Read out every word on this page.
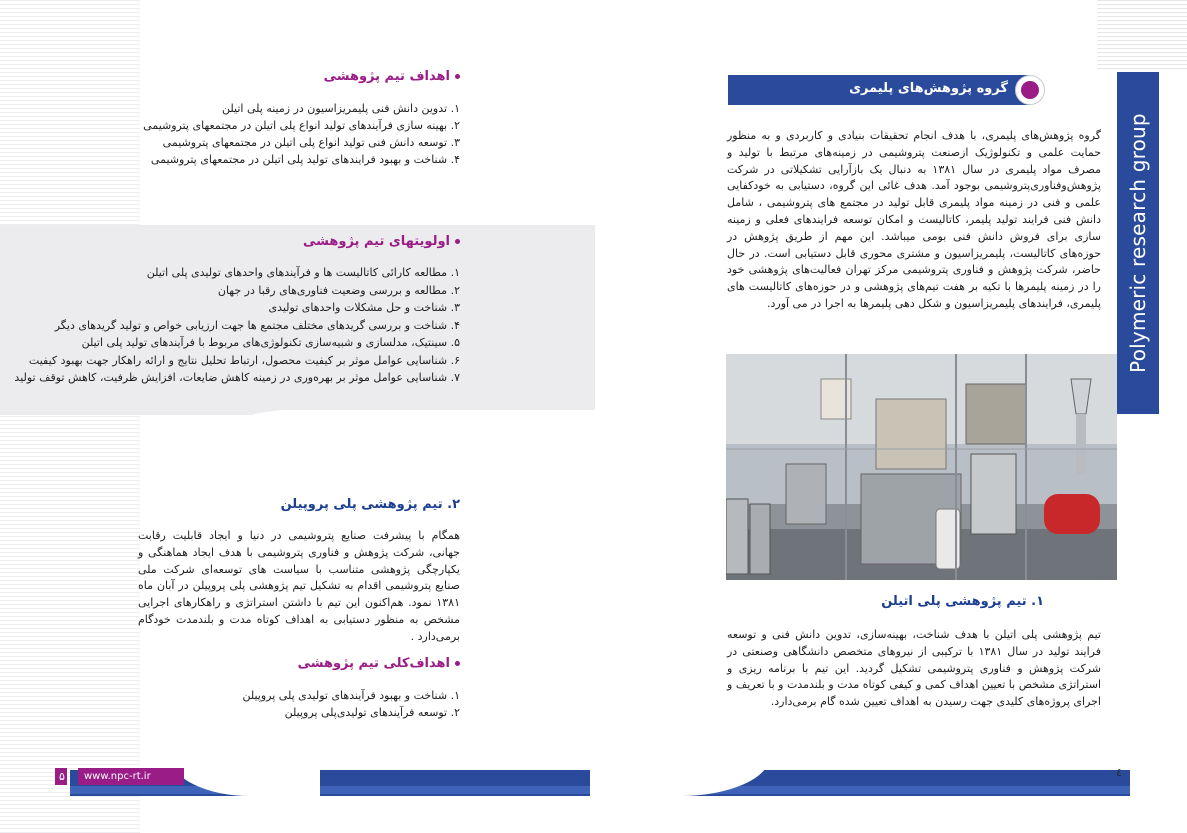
اهداف تیم پژوهشی
۱. تدوین دانش فنی پلیمریزاسیون در زمینه پلی اتیلن
۲. بهینه سازی فرآیندهای تولید انواع پلی اتیلن در مجتمعهای پتروشیمی
۳. توسعه دانش فنی تولید انواع پلی اتیلن در مجتمعهای پتروشیمی
۴. شناخت و بهبود فرایندهای تولید پلی اتیلن در مجتمعهای پتروشیمی
اولویتهای تیم پژوهشی
۱. مطالعه کارائی کاتالیست ها و فرآیندهای واحدهای تولیدی پلی اتیلن
۲. مطالعه و بررسی وضعیت فناوری‌های رقبا در جهان
۳. شناخت و حل مشکلات واحدهای تولیدی
۴. شناخت و بررسی گریدهای مختلف مجتمع ها جهت ارزیابی خواص و تولید گریدهای دیگر
۵. سینتیک، مدلسازی و شبیه‌سازی تکنولوژی‌های مربوط با فرآیندهای تولید پلی اتیلن
۶. شناسایی عوامل موثر بر کیفیت محصول، ارتباط تحلیل نتایج و ارائه راهکار جهت بهبود کیفیت
۷. شناسایی عوامل موثر بر بهره‌وری در زمینه کاهش ضایعات، افزایش ظرفیت، کاهش توقف تولید
۲. تیم پژوهشی پلی پروپیلن

همگام با پیشرفت صنایع پتروشیمی در دنیا و ایجاد قابلیت رقابت جهانی، شرکت پژوهش و فناوری پتروشیمی با هدف ایجاد هماهنگی و یکپارچگی پژوهشی متناسب با سیاست های توسعه‌ای شرکت ملی صنایع پتروشیمی اقدام به تشکیل تیم پژوهشی پلی پروپیلن در آبان ماه ۱۳۸۱ نمود. هم‌اکنون این تیم با داشتن استراتژی و راهکارهای اجرایی مشخص به منظور دستیابی به اهداف کوتاه مدت و بلندمدت خودگام برمی‌دارد .

اهداف‌کلی تیم پژوهشی
۱. شناخت و بهبود فرآیندهای تولیدی پلی پروپیلن
۲. توسعه فرآیندهای تولیدی‌پلی پروپیلن
گروه پژوهش‌های پلیمری
Polymeric research group

گروه پژوهش‌های پلیمری، با هدف انجام تحقیقات بنیادی و کاربردی و به منظور حمایت علمی و تکنولوژیک ازصنعت پتروشیمی در زمینه‌های مرتبط با تولید و مصرف مواد پلیمری در سال ۱۳۸۱ به دنبال یک بازآرایی تشکیلاتی در شرکت پژوهش‌وفناوری‌پتروشیمی بوجود آمد. هدف غائی این گروه، دستیابی به خودکفایی علمی و فنی در زمینه مواد پلیمری قابل تولید در مجتمع های پتروشیمی ، شامل دانش فنی فرایند تولید پلیمر، کاتالیست و امکان توسعه فرایندهای فعلی و زمینه سازی برای فروش دانش فنی بومی میباشد. این مهم از طریق پژوهش در حوزه‌های کاتالیست، پلیمریزاسیون و مشتری محوری قابل دستیابی است. در حال حاضر، شرکت پژوهش و فناوری پتروشیمی مرکز تهران فعالیت‌های پژوهشی خود را در زمینه پلیمرها با تکیه بر هفت تیم‌های پژوهشی و در حوزه‌های کاتالیست های پلیمری، فرایندهای پلیمریزاسیون و شکل دهی پلیمرها به اجرا در می آورد.

۱. تیم پژوهشی پلی اتیلن

تیم پژوهشی پلی اتیلن با هدف شناخت، بهینه‌سازی، تدوین دانش فنی و توسعه فرایند تولید در سال ۱۳۸۱ با ترکیبی از نیروهای متخصص دانشگاهی وصنعتی در شرکت پژوهش و فناوری پتروشیمی تشکیل گردید. این تیم با برنامه ریزی و استراتژی مشخص با تعیین اهداف کمی و کیفی کوتاه مدت و بلندمدت و با تعریف و اجرای پروژه‌های کلیدی جهت رسیدن به اهداف تعیین شده گام برمی‌دارد.

۵	www.npc-rt.ir	٤
